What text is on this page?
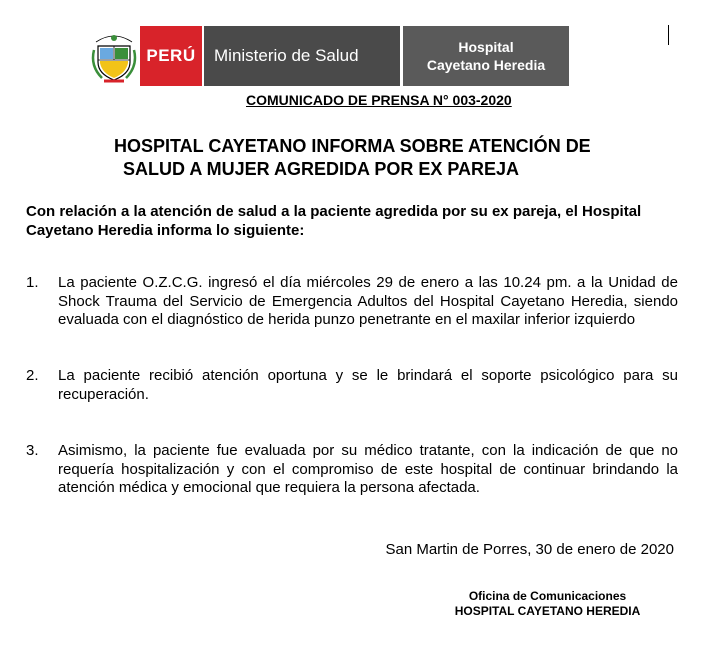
PERÚ Ministerio de Salud	Hospital
Cayetano Heredia
COMUNICADO DE PRENSA N° 003-2020
HOSPITAL CAYETANO INFORMA SOBRE ATENCIÓN DE
SALUD A MUJER AGREDIDA POR EX PAREJA
Con relación a la atención de salud a la paciente agredida por su ex pareja, el Hospital Cayetano Heredia informa lo siguiente:
1.	La paciente O.Z.C.G. ingresó el día miércoles 29 de enero a las 10.24 pm. a la Unidad de Shock Trauma del Servicio de Emergencia Adultos del Hospital Cayetano Heredia, siendo evaluada con el diagnóstico de herida punzo penetrante en el maxilar inferior izquierdo
2.	La paciente recibió atención oportuna y se le brindará el soporte psicológico para su recuperación.
3.	Asimismo, la paciente fue evaluada por su médico tratante, con la indicación de que no requería hospitalización y con el compromiso de este hospital de continuar brindando la atención médica y emocional que requiera la persona afectada.
San Martin de Porres, 30 de enero de 2020
Oficina de Comunicaciones
HOSPITAL CAYETANO HEREDIA
